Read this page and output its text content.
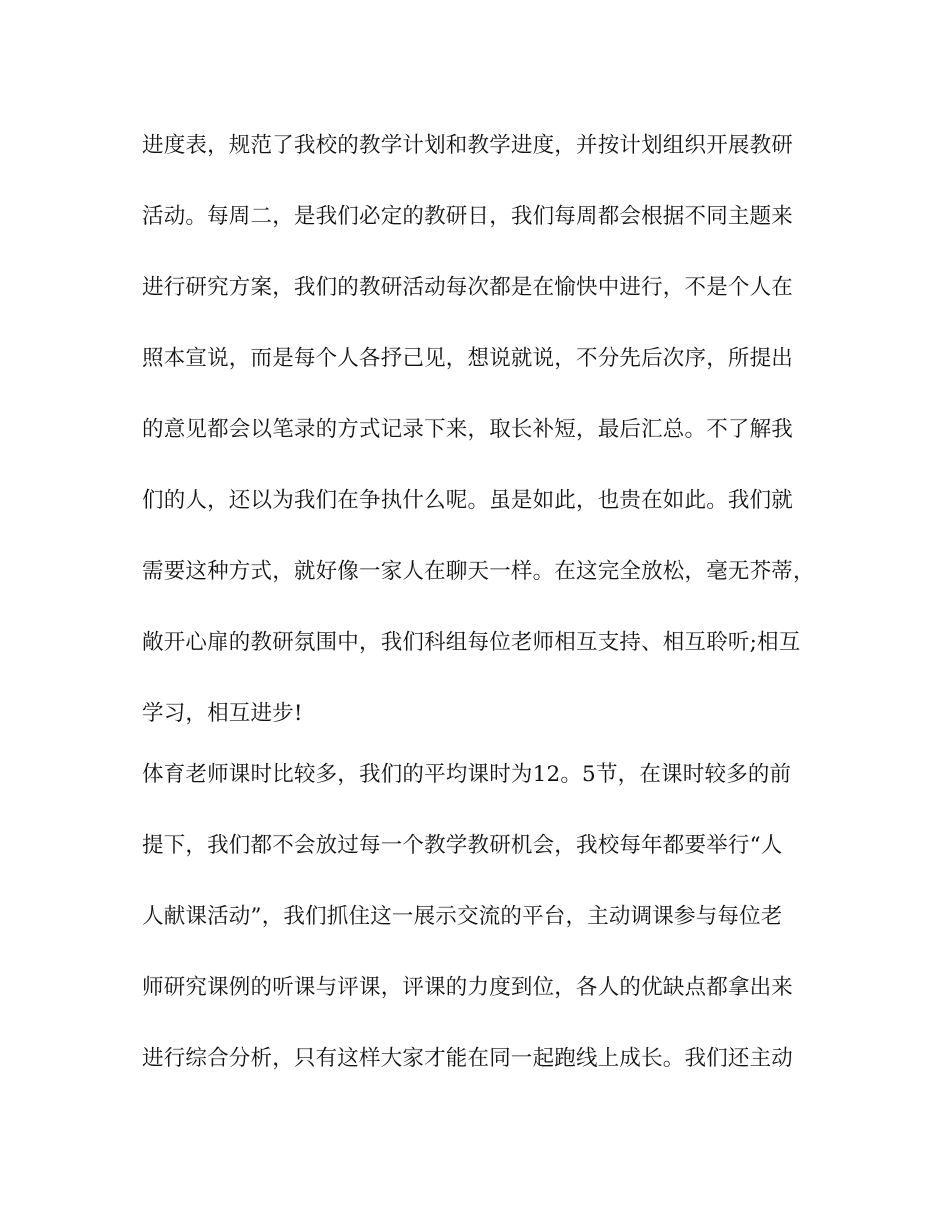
进度表，规范了我校的教学计划和教学进度，并按计划组织开展教研
活动。每周二，是我们必定的教研日，我们每周都会根据不同主题来
进行研究方案，我们的教研活动每次都是在愉快中进行，不是个人在
照本宣说，而是每个人各抒己见，想说就说，不分先后次序，所提出
的意见都会以笔录的方式记录下来，取长补短，最后汇总。不了解我
们的人，还以为我们在争执什么呢。虽是如此，也贵在如此。我们就
需要这种方式，就好像一家人在聊天一样。在这完全放松，毫无芥蒂，
敞开心扉的教研氛围中，我们科组每位老师相互支持、相互聆听;相互
学习，相互进步!
体育老师课时比较多，我们的平均课时为12。5节，在课时较多的前
提下，我们都不会放过每一个教学教研机会，我校每年都要举行“人
人献课活动”，我们抓住这一展示交流的平台，主动调课参与每位老
师研究课例的听课与评课，评课的力度到位，各人的优缺点都拿出来
进行综合分析，只有这样大家才能在同一起跑线上成长。我们还主动
